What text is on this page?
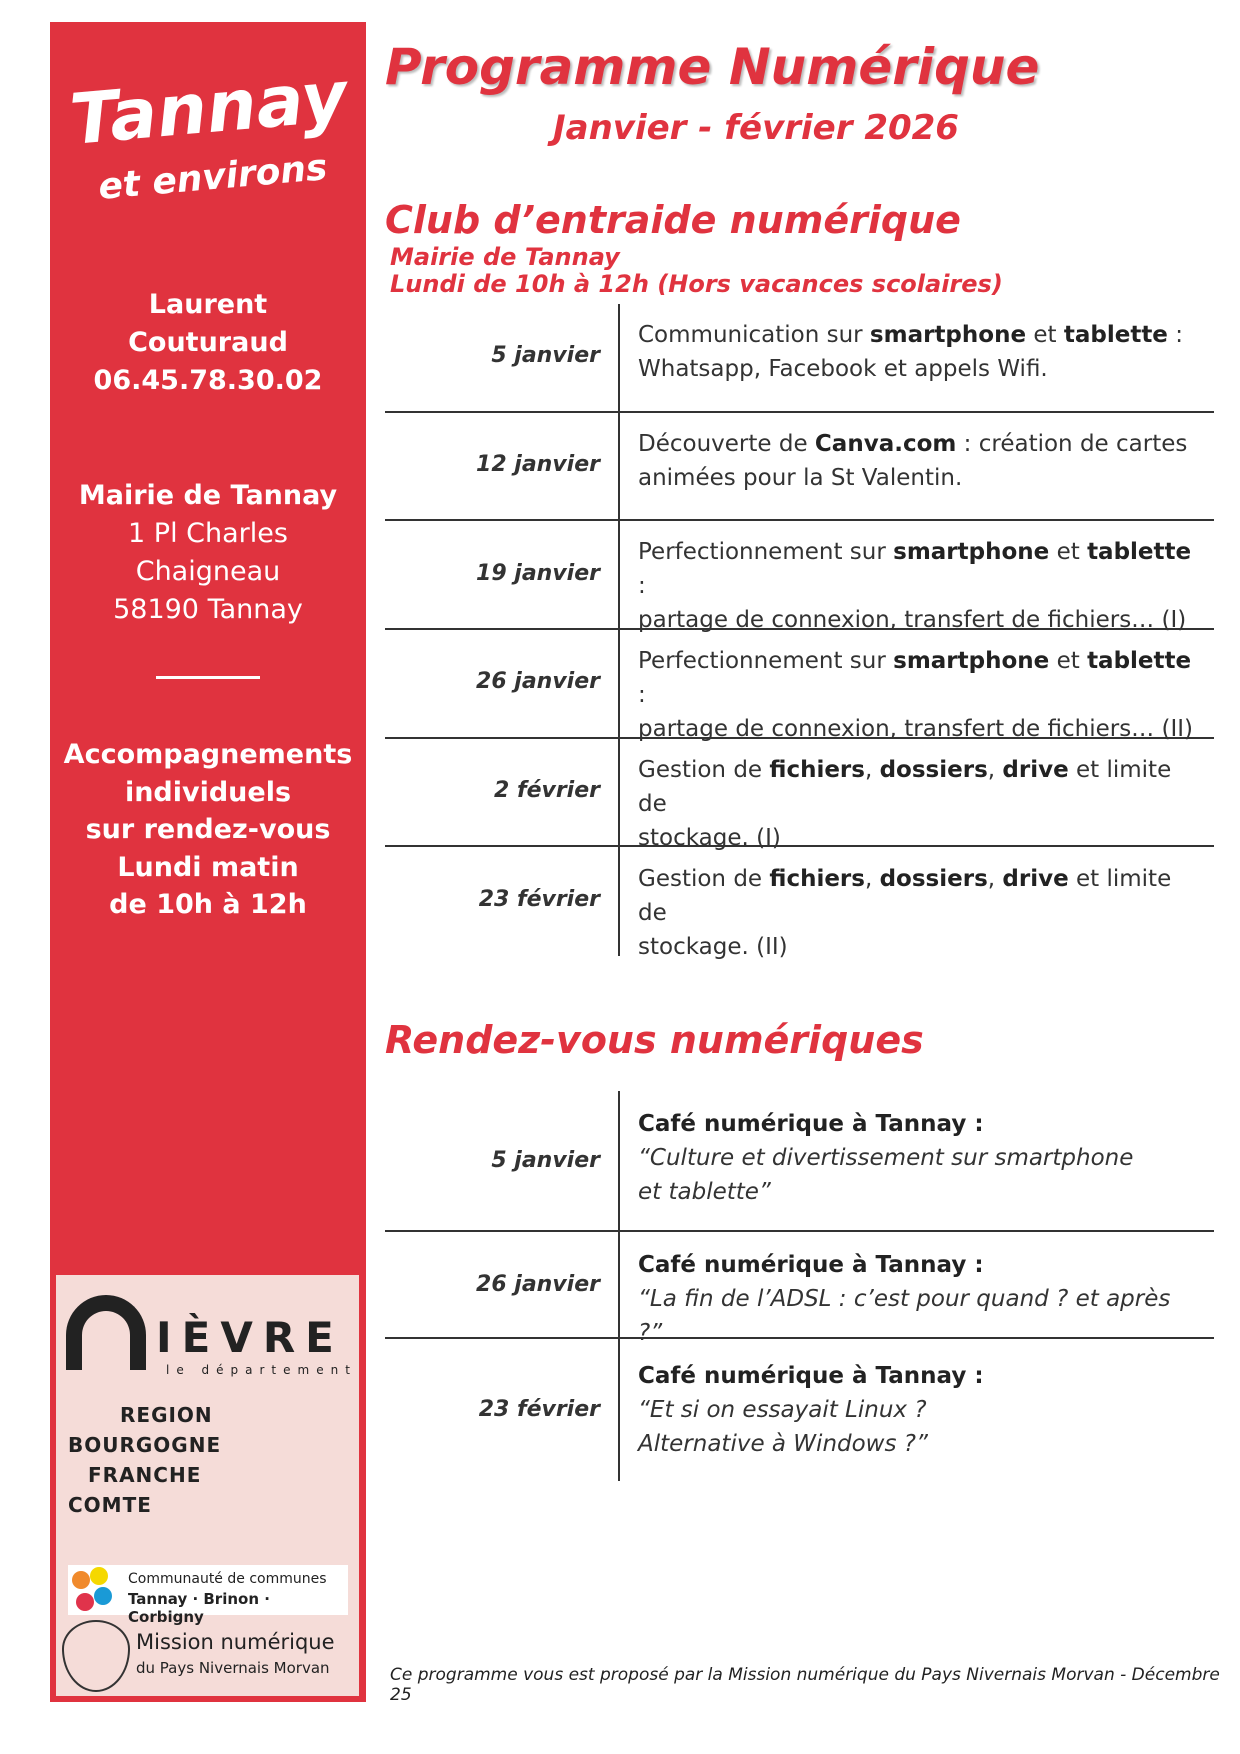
Tannay
et environs
Laurent
Couturaud
06.45.78.30.02
Mairie de Tannay
1 Pl Charles
Chaigneau
58190 Tannay
Accompagnements
individuels
sur rendez-vous
Lundi matin
de 10h à 12h
IÈVRE
le département
REGION
BOURGOGNE
FRANCHE
COMTE
Communauté de communes
Tannay · Brinon · Corbigny
Mission numérique
du Pays Nivernais Morvan
Programme Numérique
Janvier - février 2026
Club d’entraide numérique
Mairie de Tannay
Lundi de 10h à 12h (Hors vacances scolaires)
5 janvier
Communication sur smartphone et tablette :
Whatsapp, Facebook et appels Wifi.
12 janvier
Découverte de Canva.com : création de cartes
animées pour la St Valentin.
19 janvier
Perfectionnement sur smartphone et tablette :
partage de connexion, transfert de fichiers… (I)
26 janvier
Perfectionnement sur smartphone et tablette :
partage de connexion, transfert de fichiers… (II)
2 février
Gestion de fichiers, dossiers, drive et limite de
stockage. (I)
23 février
Gestion de fichiers, dossiers, drive et limite de
stockage. (II)
Rendez-vous numériques
5 janvier
Café numérique à Tannay :
“Culture et divertissement sur smartphone
et tablette”
26 janvier
Café numérique à Tannay :
“La fin de l’ADSL : c’est pour quand ? et après ?”
23 février
Café numérique à Tannay :
“Et si on essayait Linux ?
Alternative à Windows ?”
Ce programme vous est proposé par la Mission numérique du Pays Nivernais Morvan - Décembre 25
